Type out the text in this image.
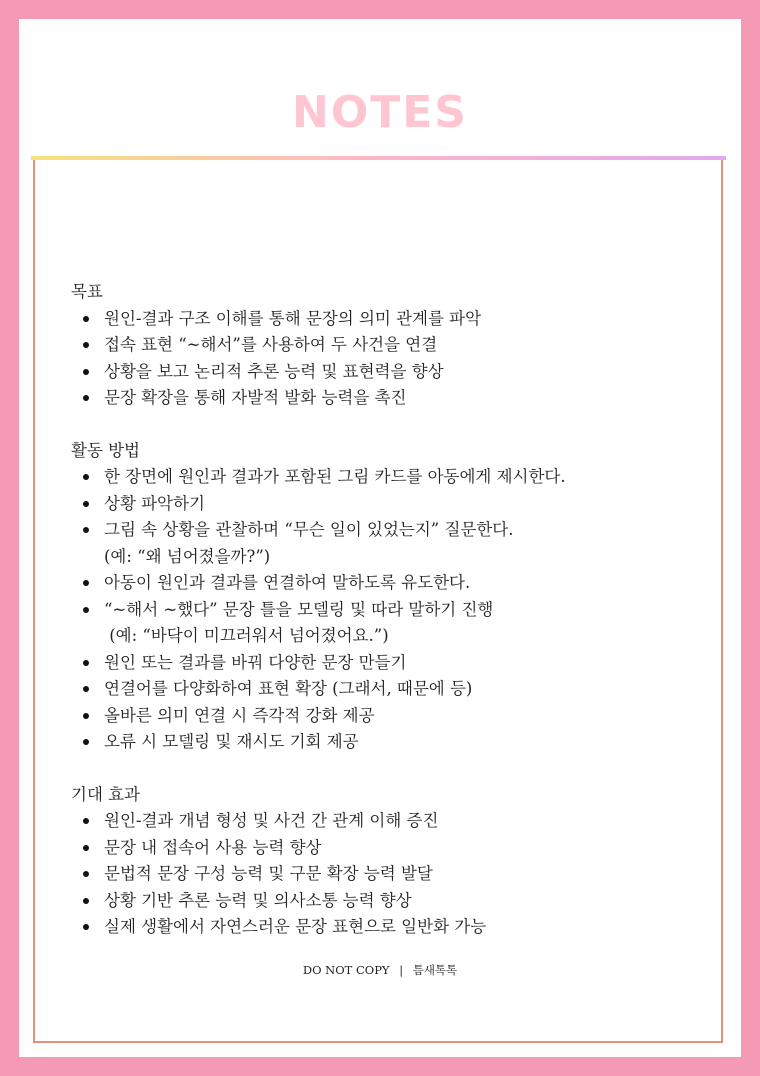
NOTES
목표
원인-결과 구조 이해를 통해 문장의 의미 관계를 파악
접속 표현 “~해서”를 사용하여 두 사건을 연결
상황을 보고 논리적 추론 능력 및 표현력을 향상
문장 확장을 통해 자발적 발화 능력을 촉진
활동 방법
한 장면에 원인과 결과가 포함된 그림 카드를 아동에게 제시한다.
상황 파악하기
그림 속 상황을 관찰하며 “무슨 일이 있었는지” 질문한다.
(예: “왜 넘어졌을까?”)
아동이 원인과 결과를 연결하여 말하도록 유도한다.
“~해서 ~했다” 문장 틀을 모델링 및 따라 말하기 진행
(예: “바닥이 미끄러워서 넘어졌어요.”)
원인 또는 결과를 바꿔 다양한 문장 만들기
연결어를 다양화하여 표현 확장 (그래서, 때문에 등)
올바른 의미 연결 시 즉각적 강화 제공
오류 시 모델링 및 재시도 기회 제공
기대 효과
원인-결과 개념 형성 및 사건 간 관계 이해 증진
문장 내 접속어 사용 능력 향상
문법적 문장 구성 능력 및 구문 확장 능력 발달
상황 기반 추론 능력 및 의사소통 능력 향상
실제 생활에서 자연스러운 문장 표현으로 일반화 가능
DO NOT COPY | 틈새톡톡
